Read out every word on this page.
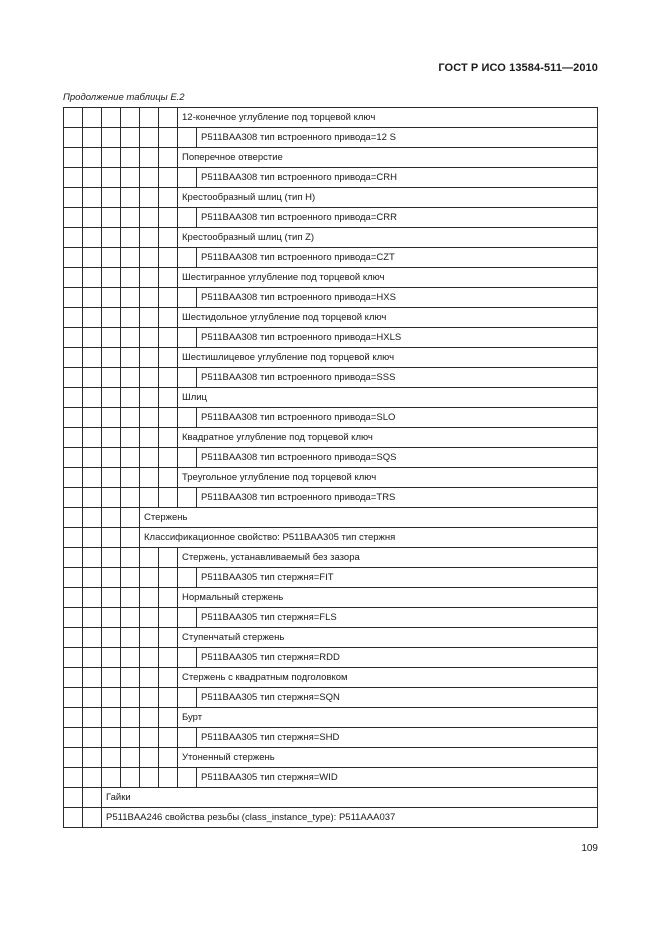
ГОСТ Р ИСО 13584-511—2010
Продолжение таблицы Е.2
						12-конечное углубление под торцевой ключ	
							P511BAA308 тип встроенного привода=12 S
						Поперечное отверстие	
							P511BAA308 тип встроенного привода=CRH
						Крестообразный шлиц (тип H)	
							P511BAA308 тип встроенного привода=CRR
						Крестообразный шлиц (тип Z)	
							P511BAA308 тип встроенного привода=CZT
						Шестигранное углубление под торцевой ключ	
							P511BAA308 тип встроенного привода=HXS
						Шестидольное углубление под торцевой ключ	
							P511BAA308 тип встроенного привода=HXLS
						Шестишлицевое углубление под торцевой ключ	
							P511BAA308 тип встроенного привода=SSS
						Шлиц	
							P511BAA308 тип встроенного привода=SLO
						Квадратное углубление под торцевой ключ	
							P511BAA308 тип встроенного привода=SQS
						Треугольное углубление под торцевой ключ	
							P511BAA308 тип встроенного привода=TRS
				Стержень			
				Классификационное свойство: P511BAA305 тип стержня			
						Стержень, устанавливаемый без зазора	
							P511BAA305 тип стержня=FIT
						Нормальный стержень	
							P511BAA305 тип стержня=FLS
						Ступенчатый стержень	
							P511BAA305 тип стержня=RDD
						Стержень с квадратным подголовком	
							P511BAA305 тип стержня=SQN
						Бурт	
							P511BAA305 тип стержня=SHD
						Утоненный стержень	
							P511BAA305 тип стержня=WID
		Гайки					
		P511BAA246 свойства резьбы (class_instance_type): P511AAA037					
109
